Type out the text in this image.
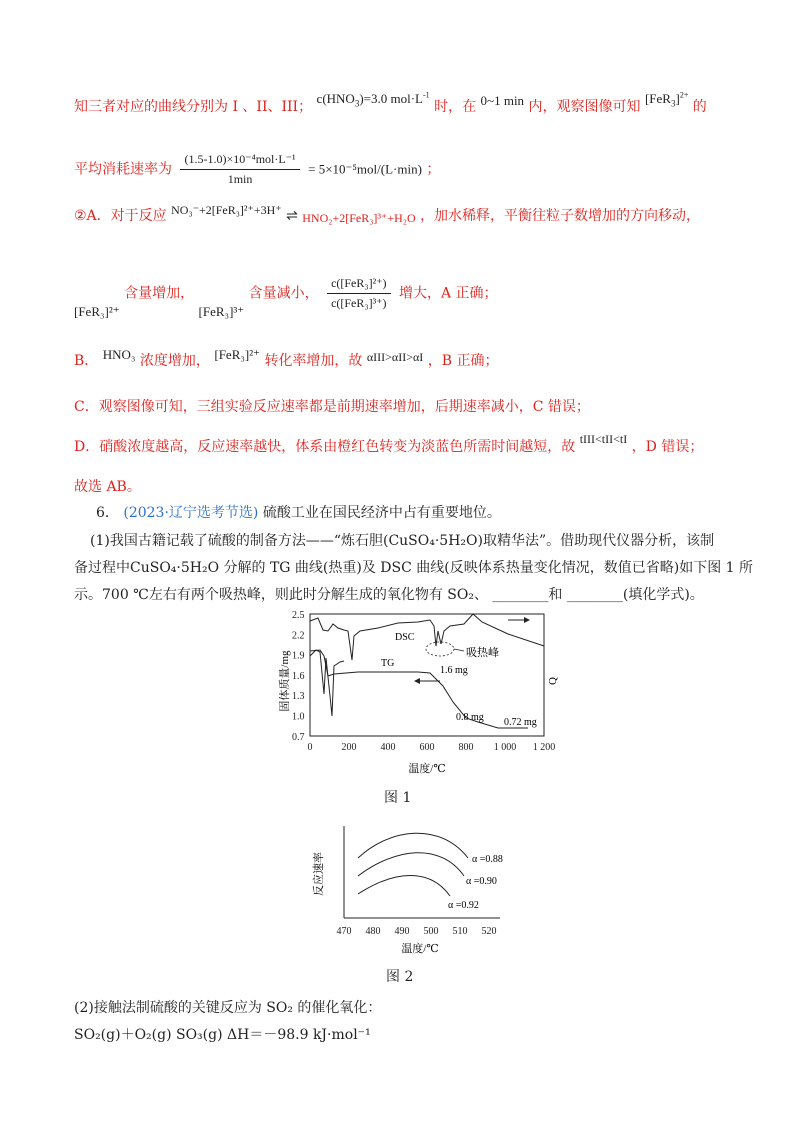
知三者对应的曲线分别为 I 、II、III； $c(HNO_3)=3.0$ $mol\cdot L^{-1}$ 时，在 0~1 min 内，观察图像可知 $[FeR_3]^{2+}$ 的
平均消耗速率为 $\frac{\text{(1.5-1.0)×10⁻⁴mol·L⁻¹}}{1\min} = 5\times 10^{-5}mol/(L\cdot\min)$ ；
②A．对于反应 NO₃⁻+2[FeR₃]²⁺+3H⁺ ⇌ HNO₂+2[FeR₃]³⁺+H₂O ，加水稀释，平衡往粒子数增加的方向移动，
[FeR₃]²⁺ 含量增加， [FeR₃]³⁺ 含量减小， $\frac{\text{c([FeR₃]²⁺)}}{\text{c([FeR₃]³⁺)}}$ 增大，A 正确；
B． HNO₃ 浓度增加， [FeR₃]²⁺ 转化率增加，故 αIII>αII>αI ，B 正确；
C．观察图像可知，三组实验反应速率都是前期速率增加，后期速率减小，C 错误；
D．硝酸浓度越高，反应速率越快，体系由橙红色转变为淡蓝色所需时间越短，故 tIII<tII<tI ，D 错误；
故选 AB。
6． (2023·辽宁选考节选) 硫酸工业在国民经济中占有重要地位。
(1)我国古籍记载了硫酸的制备方法——“炼石胆(CuSO₄·5H₂O)取精华法”。借助现代仪器分析，该制
备过程中CuSO₄·5H₂O 分解的 TG 曲线(热重)及 DSC 曲线(反映体系热量变化情况，数值已省略)如下图 1 所
示。700 ℃左右有两个吸热峰，则此时分解生成的氧化物有 SO₂、 ________和 ________(填化学式)。
2.5
2.2
1.9
1.6
1.3
1.0
0.7
0	200 400 600 800 1 000 1 200
固体质量/mg	Q
DSC
吸热峰
TG
1.6 mg
0.8 mg 0.72 mg
温度/℃
图 1
470 480 490 500 510 520
反应速率	α =0.88
α =0.90
α =0.92
温度/℃
图 2
(2)接触法制硫酸的关键反应为 SO₂ 的催化氧化：
SO₂(g)＋O₂(g) SO₃(g) ΔH＝－98.9 kJ·mol⁻¹
